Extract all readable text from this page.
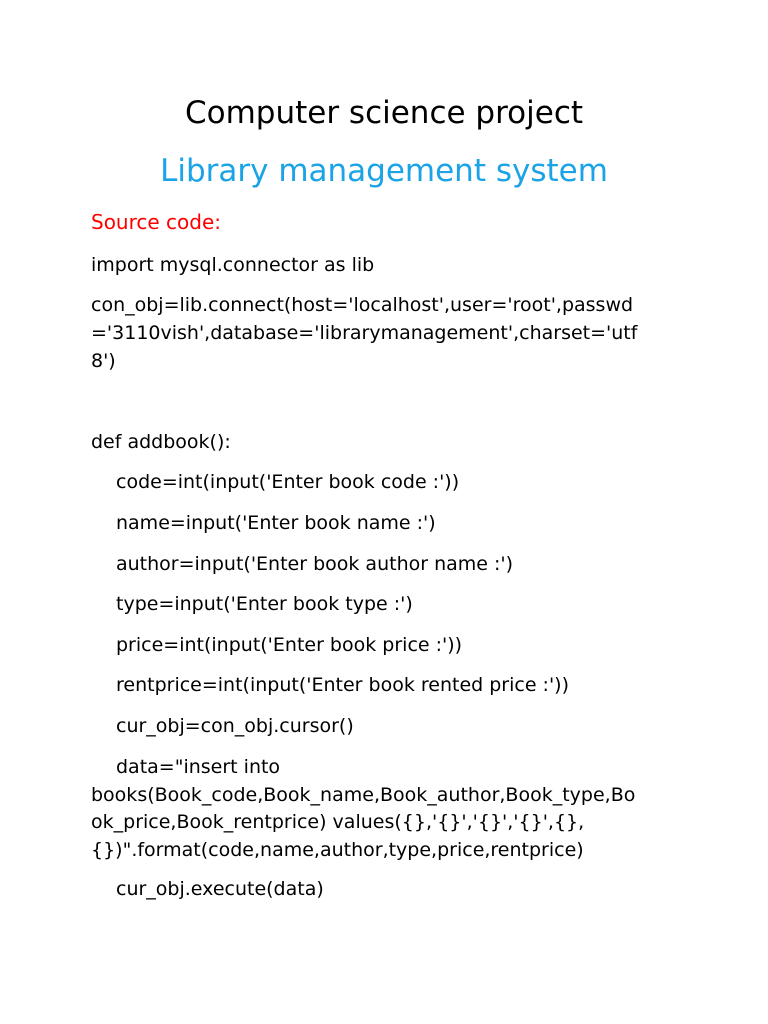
Computer science project
Library management system
Source code:
import mysql.connector as lib
con_obj=lib.connect(host='localhost',user='root',passwd
='3110vish',database='librarymanagement',charset='utf
8')
def addbook():
code=int(input('Enter book code :'))
name=input('Enter book name :')
author=input('Enter book author name :')
type=input('Enter book type :')
price=int(input('Enter book price :'))
rentprice=int(input('Enter book rented price :'))
cur_obj=con_obj.cursor()
data="insert into
books(Book_code,Book_name,Book_author,Book_type,Bo
ok_price,Book_rentprice) values({},'{}','{}','{}',{},
{})".format(code,name,author,type,price,rentprice)
cur_obj.execute(data)
